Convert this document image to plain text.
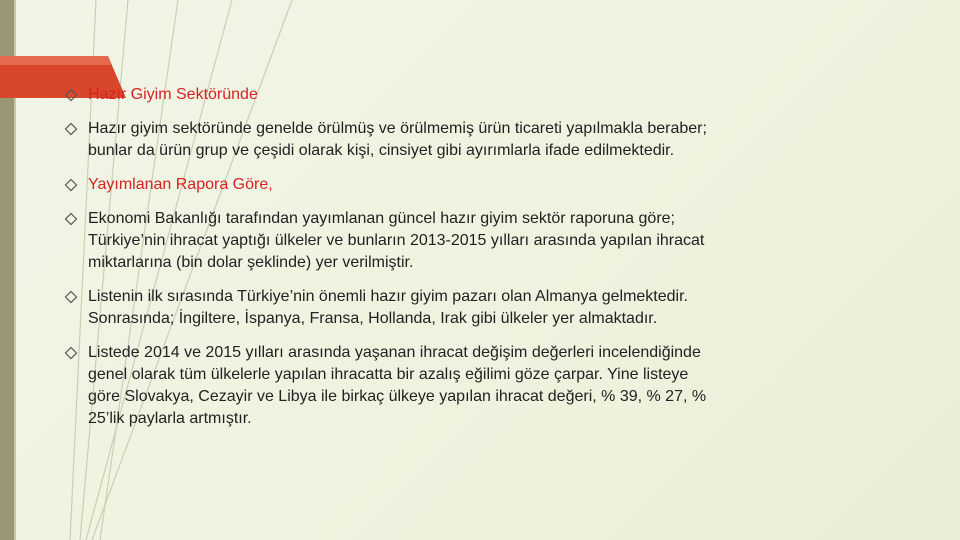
Hazır Giyim Sektöründe
Hazır giyim sektöründe genelde örülmüş ve örülmemiş ürün ticareti yapılmakla beraber; bunlar da ürün grup ve çeşidi olarak kişi, cinsiyet gibi ayırımlarla ifade edilmektedir.
Yayımlanan Rapora Göre,
Ekonomi Bakanlığı tarafından yayımlanan güncel hazır giyim sektör raporuna göre; Türkiye’nin ihracat yaptığı ülkeler ve bunların 2013-2015 yılları arasında yapılan ihracat miktarlarına (bin dolar şeklinde) yer verilmiştir.
Listenin ilk sırasında Türkiye’nin önemli hazır giyim pazarı olan Almanya gelmektedir. Sonrasında; İngiltere, İspanya, Fransa, Hollanda, Irak gibi ülkeler yer almaktadır.
Listede 2014 ve 2015 yılları arasında yaşanan ihracat değişim değerleri incelendiğinde genel olarak tüm ülkelerle yapılan ihracatta bir azalış eğilimi göze çarpar. Yine listeye göre Slovakya, Cezayir ve Libya ile birkaç ülkeye yapılan ihracat değeri, % 39, % 27, % 25’lik paylarla artmıştır.
